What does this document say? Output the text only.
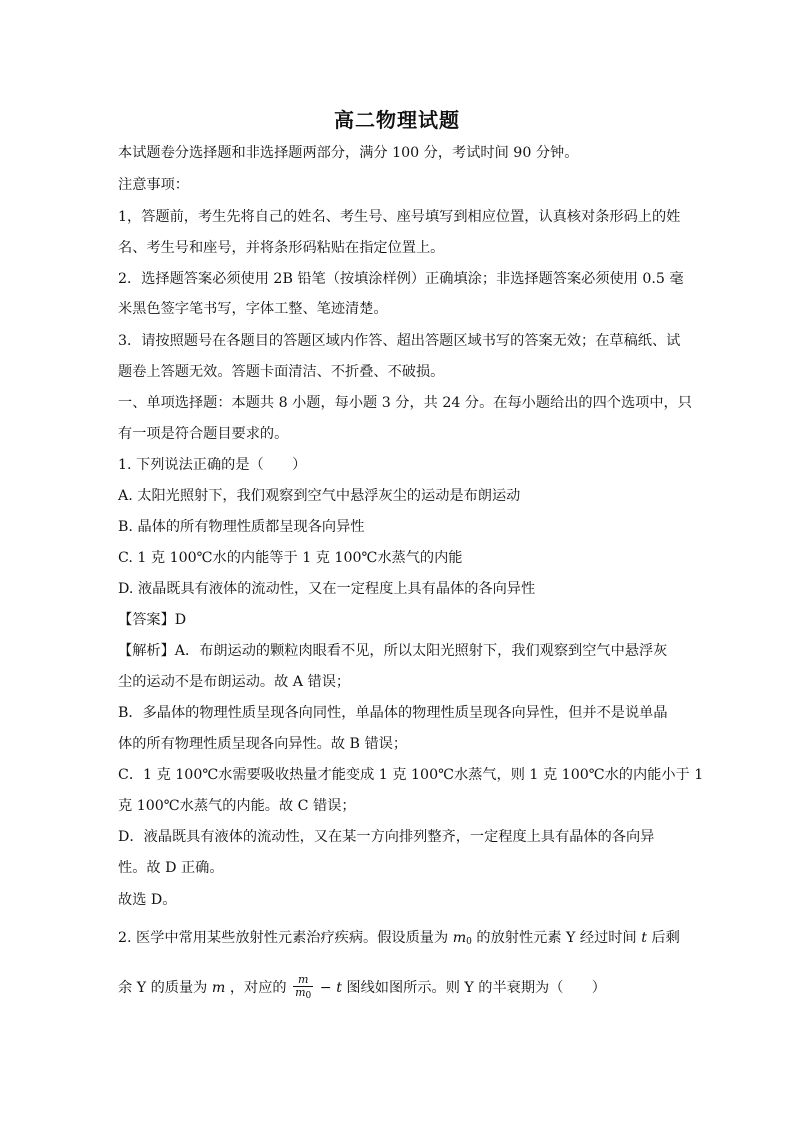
高二物理试题
本试题卷分选择题和非选择题两部分，满分 100 分，考试时间 90 分钟。
注意事项：
1，答题前，考生先将自己的姓名、考生号、座号填写到相应位置，认真核对条形码上的姓
名、考生号和座号，并将条形码粘贴在指定位置上。
2．选择题答案必须使用 2B 铅笔（按填涂样例）正确填涂；非选择题答案必须使用 0.5 毫
米黑色签字笔书写，字体工整、笔迹清楚。
3．请按照题号在各题目的答题区域内作答、超出答题区域书写的答案无效；在草稿纸、试
题卷上答题无效。答题卡面清洁、不折叠、不破损。
一、单项选择题：本题共 8 小题，每小题 3 分，共 24 分。在每小题给出的四个选项中，只
有一项是符合题目要求的。
1. 下列说法正确的是（　　）
A. 太阳光照射下，我们观察到空气中悬浮灰尘的运动是布朗运动
B. 晶体的所有物理性质都呈现各向异性
C. 1 克 100℃水的内能等于 1 克 100℃水蒸气的内能
D. 液晶既具有液体的流动性，又在一定程度上具有晶体的各向异性
【答案】D
【解析】A．布朗运动的颗粒肉眼看不见，所以太阳光照射下，我们观察到空气中悬浮灰
尘的运动不是布朗运动。故 A 错误；
B．多晶体的物理性质呈现各向同性，单晶体的物理性质呈现各向异性，但并不是说单晶
体的所有物理性质呈现各向异性。故 B 错误；
C．1 克 100℃水需要吸收热量才能变成 1 克 100℃水蒸气，则 1 克 100℃水的内能小于 1
克 100℃水蒸气的内能。故 C 错误；
D．液晶既具有液体的流动性，又在某一方向排列整齐，一定程度上具有晶体的各向异
性。故 D 正确。
故选 D。
2. 医学中常用某些放射性元素治疗疾病。假设质量为 $m_0$ 的放射性元素 Y 经过时间 t 后剩
余 Y 的质量为 m ，对应的 $\frac{m}{m_0} - t$ 图线如图所示。则 Y 的半衰期为（　　）
